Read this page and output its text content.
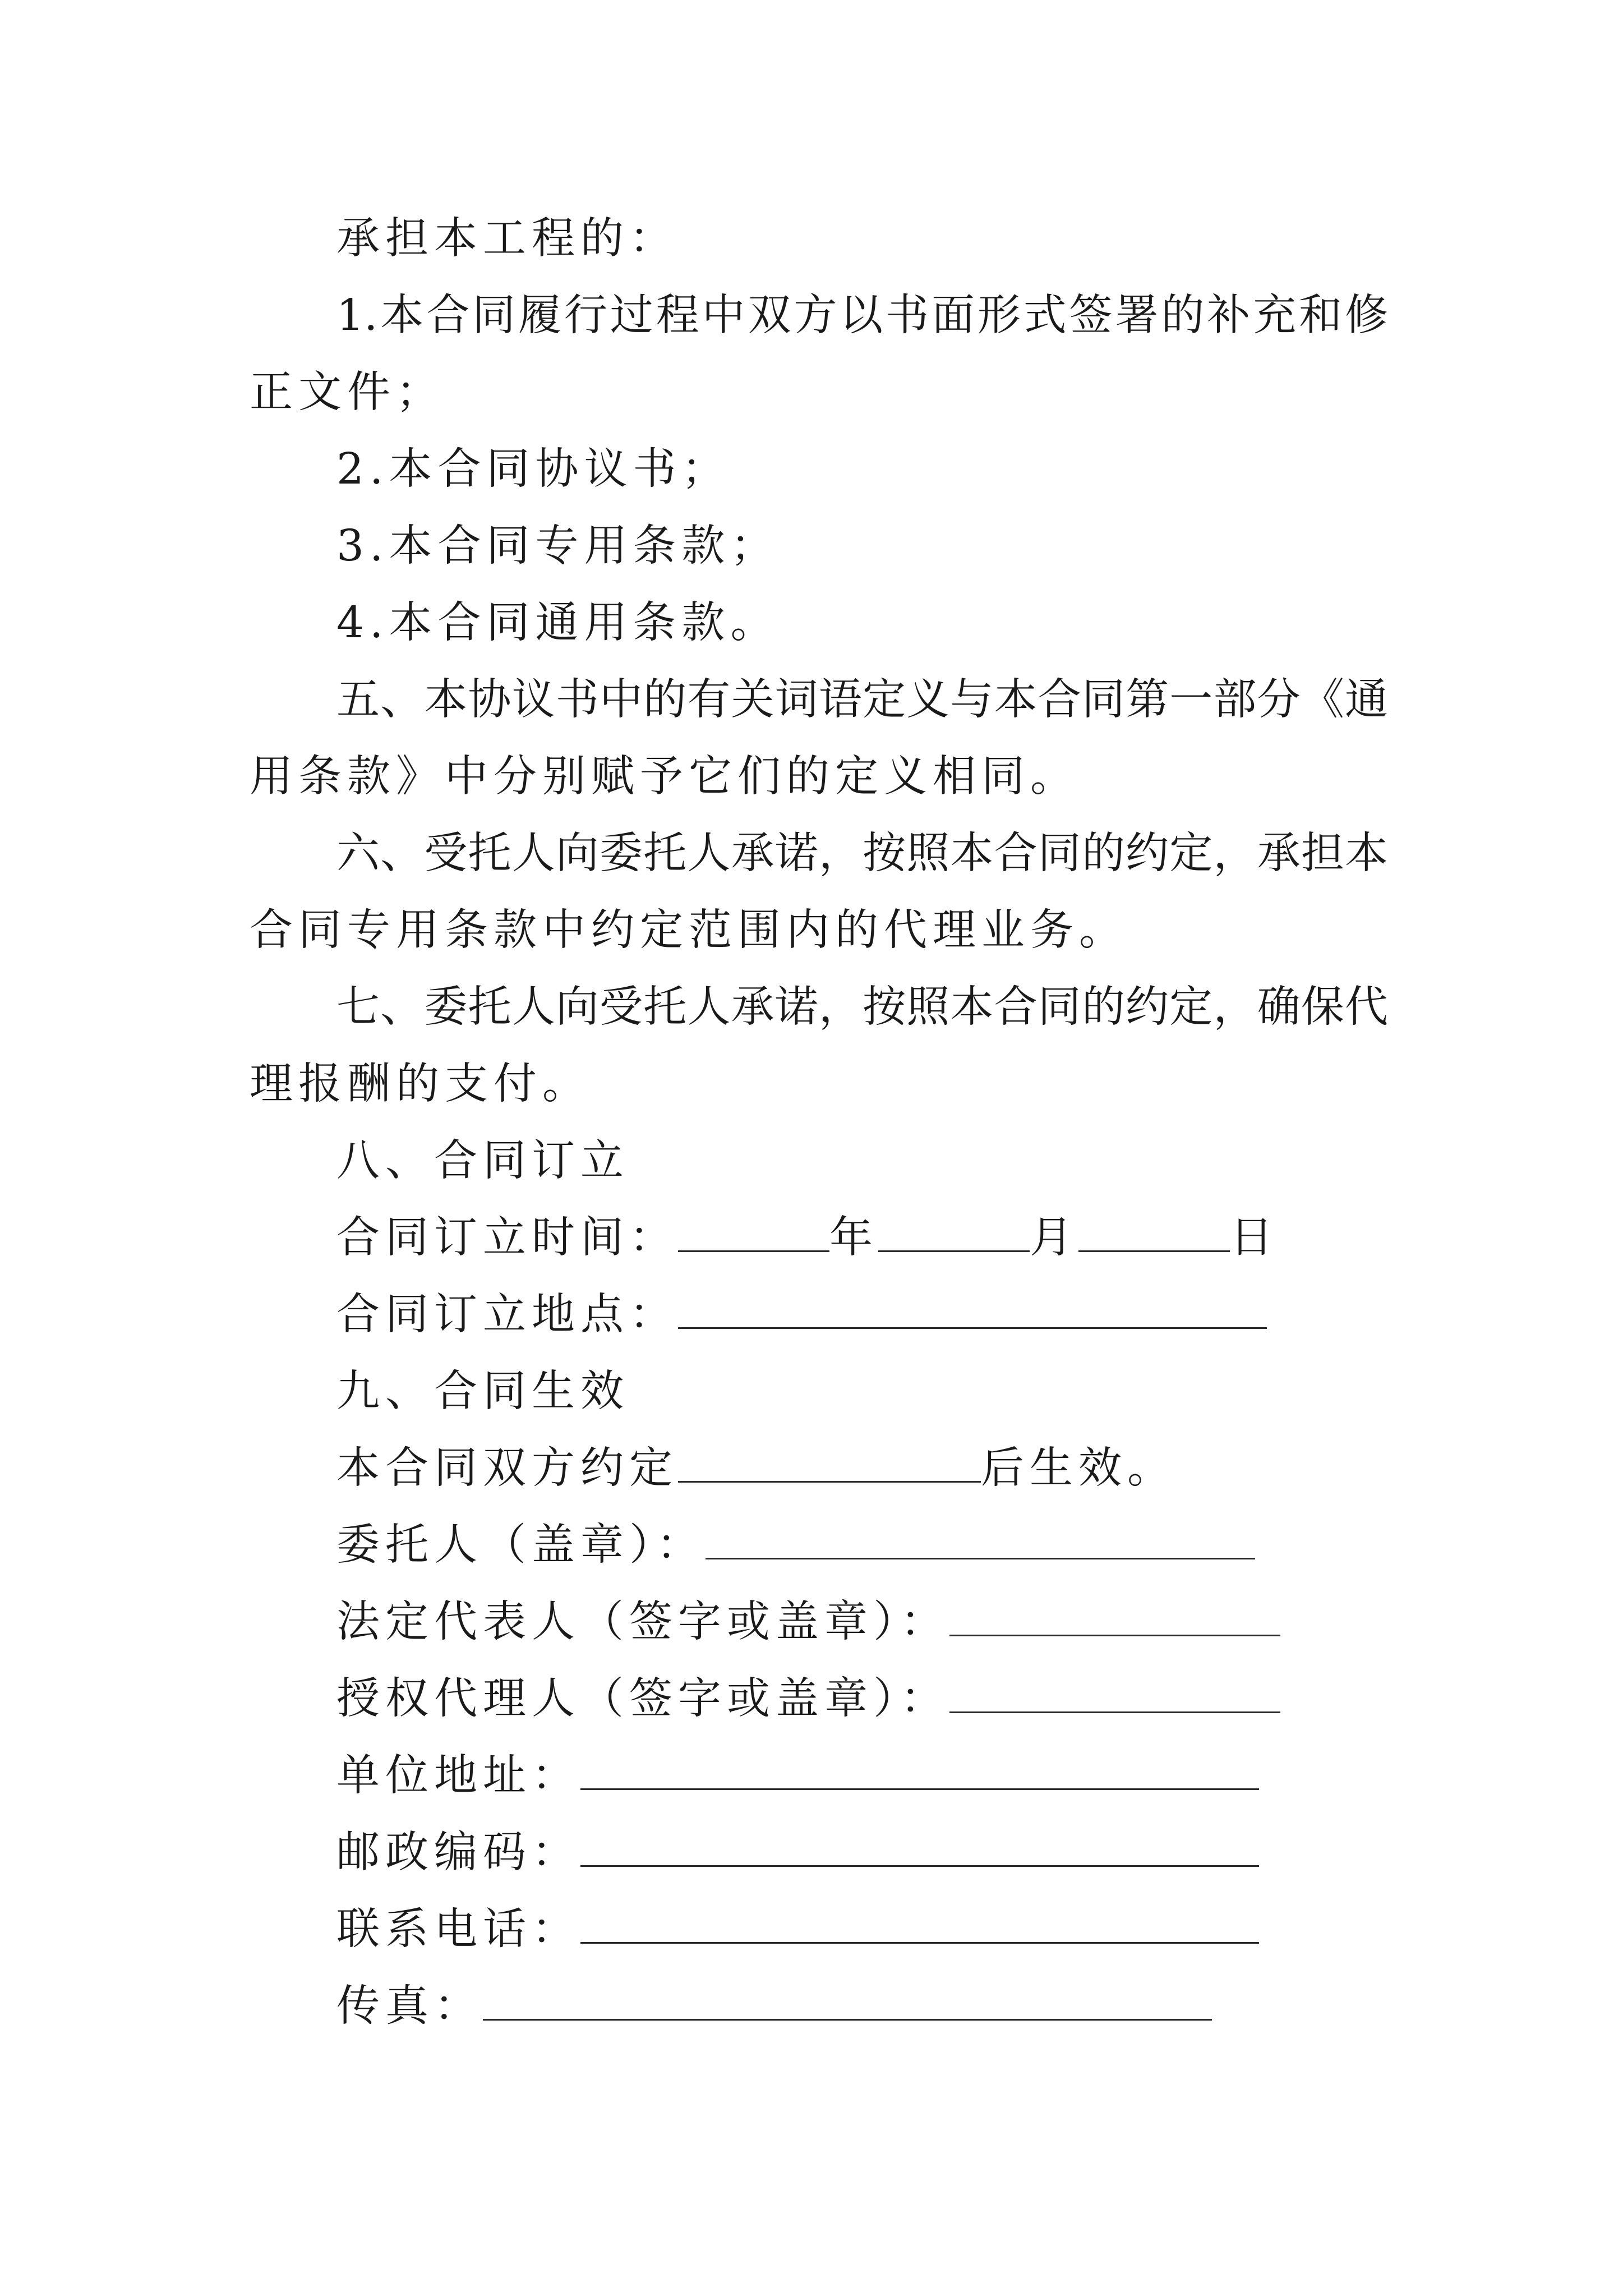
承担本工程的：
1.本合同履行过程中双方以书面形式签署的补充和修
正文件；
2.本合同协议书；
3.本合同专用条款；
4.本合同通用条款。
五、本协议书中的有关词语定义与本合同第一部分《通
用条款》中分别赋予它们的定义相同。
六、受托人向委托人承诺，按照本合同的约定，承担本
合同专用条款中约定范围内的代理业务。
七、委托人向受托人承诺，按照本合同的约定，确保代
理报酬的支付。
八、合同订立
合同订立时间：	年	月	日
合同订立地点：
九、合同生效
本合同双方约定	后生效。
委托人（盖章）：
法定代表人（签字或盖章）：
授权代理人（签字或盖章）：
单位地址：
邮政编码：
联系电话：
传真：
